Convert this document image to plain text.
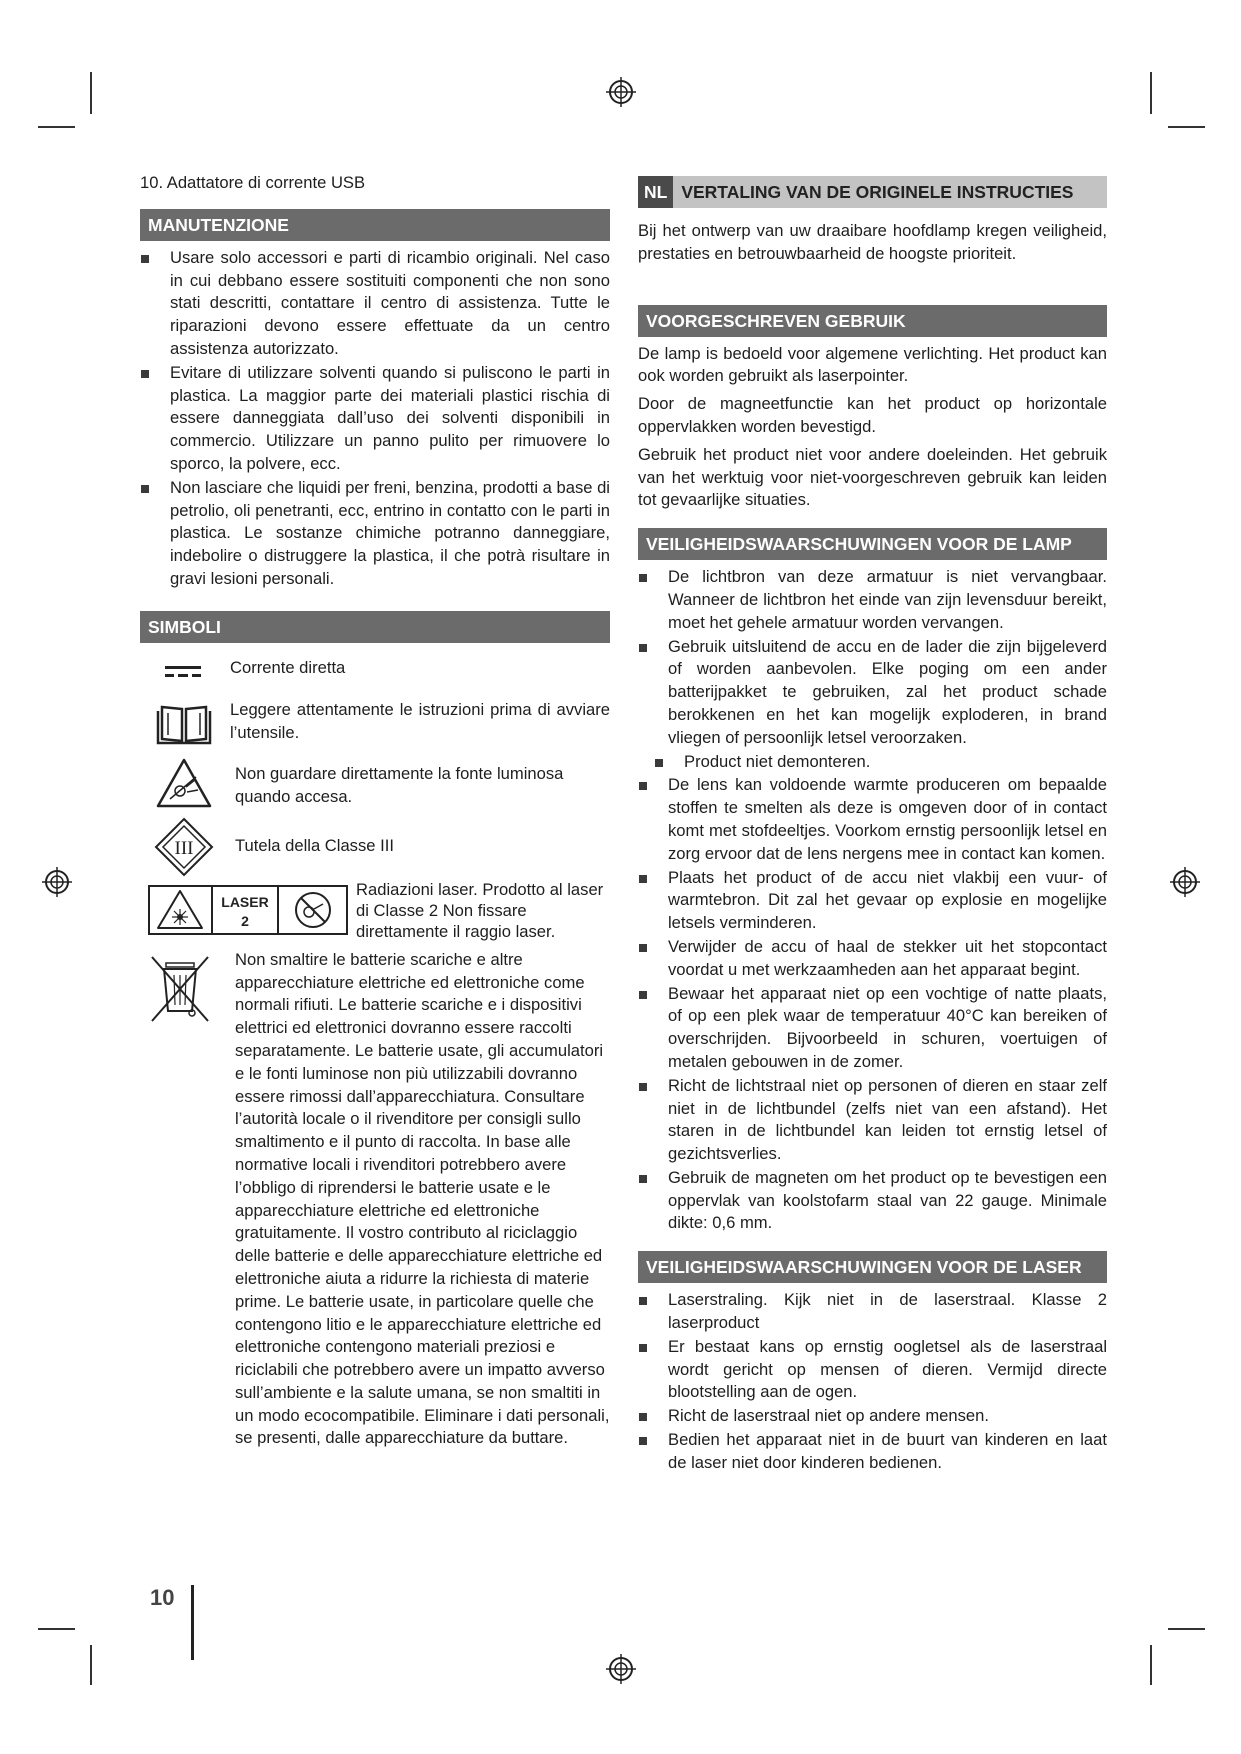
10. Adattatore di corrente USB
MANUTENZIONE
Usare solo accessori e parti di ricambio originali. Nel caso in cui debbano essere sostituiti componenti che non sono stati descritti, contattare il centro di assistenza. Tutte le riparazioni devono essere effettuate da un centro assistenza autorizzato.
Evitare di utilizzare solventi quando si puliscono le parti in plastica. La maggior parte dei materiali plastici rischia di essere danneggiata dall’uso dei solventi disponibili in commercio. Utilizzare un panno pulito per rimuovere lo sporco, la polvere, ecc.
Non lasciare che liquidi per freni, benzina, prodotti a base di petrolio, oli penetranti, ecc, entrino in contatto con le parti in plastica. Le sostanze chimiche potranno danneggiare, indebolire o distruggere la plastica, il che potrà risultare in gravi lesioni personali.
SIMBOLI
Corrente diretta
Leggere attentamente le istruzioni prima di avviare l’utensile.
Non guardare direttamente la fonte luminosa quando accesa.
III	Tutela della Classe III
LASER
2
Radiazioni laser. Prodotto al laser di Classe 2 Non fissare direttamente il raggio laser.
Non smaltire le batterie scariche e altre apparecchiature elettriche ed elettroniche come normali rifiuti. Le batterie scariche e i dispositivi elettrici ed elettronici dovranno essere raccolti separatamente. Le batterie usate, gli accumulatori e le fonti luminose non più utilizzabili dovranno essere rimossi dall’apparecchiatura. Consultare l’autorità locale o il rivenditore per consigli sullo smaltimento e il punto di raccolta. In base alle normative locali i rivenditori potrebbero avere l’obbligo di riprendersi le batterie usate e le apparecchiature elettriche ed elettroniche gratuitamente. Il vostro contributo al riciclaggio delle batterie e delle apparecchiature elettriche ed elettroniche aiuta a ridurre la richiesta di materie prime. Le batterie usate, in particolare quelle che contengono litio e le apparecchiature elettriche ed elettroniche contengono materiali preziosi e riciclabili che potrebbero avere un impatto avverso sull’ambiente e la salute umana, se non smaltiti in un modo ecocompatibile. Eliminare i dati personali, se presenti, dalle apparecchiature da buttare.
NL VERTALING VAN DE ORIGINELE INSTRUCTIES

Bij het ontwerp van uw draaibare hoofdlamp kregen veiligheid, prestaties en betrouwbaarheid de hoogste prioriteit.

VOORGESCHREVEN GEBRUIK

De lamp is bedoeld voor algemene verlichting. Het product kan ook worden gebruikt als laserpointer.

Door de magneetfunctie kan het product op horizontale oppervlakken worden bevestigd.

Gebruik het product niet voor andere doeleinden. Het gebruik van het werktuig voor niet-voorgeschreven gebruik kan leiden tot gevaarlijke situaties.

VEILIGHEIDSWAARSCHUWINGEN VOOR DE LAMP
De lichtbron van deze armatuur is niet vervangbaar. Wanneer de lichtbron het einde van zijn levensduur bereikt, moet het gehele armatuur worden vervangen.
Gebruik uitsluitend de accu en de lader die zijn bijgeleverd of worden aanbevolen. Elke poging om een ander batterijpakket te gebruiken, zal het product schade berokkenen en het kan mogelijk exploderen, in brand vliegen of persoonlijk letsel veroorzaken.
Product niet demonteren.
De lens kan voldoende warmte produceren om bepaalde stoffen te smelten als deze is omgeven door of in contact komt met stofdeeltjes. Voorkom ernstig persoonlijk letsel en zorg ervoor dat de lens nergens mee in contact kan komen.
Plaats het product of de accu niet vlakbij een vuur- of warmtebron. Dit zal het gevaar op explosie en mogelijke letsels verminderen.
Verwijder de accu of haal de stekker uit het stopcontact voordat u met werkzaamheden aan het apparaat begint.
Bewaar het apparaat niet op een vochtige of natte plaats, of op een plek waar de temperatuur 40°C kan bereiken of overschrijden. Bijvoorbeeld in schuren, voertuigen of metalen gebouwen in de zomer.
Richt de lichtstraal niet op personen of dieren en staar zelf niet in de lichtbundel (zelfs niet van een afstand). Het staren in de lichtbundel kan leiden tot ernstig letsel of gezichtsverlies.
Gebruik de magneten om het product op te bevestigen een oppervlak van koolstofarm staal van 22 gauge. Minimale dikte: 0,6 mm.
VEILIGHEIDSWAARSCHUWINGEN VOOR DE LASER
Laserstraling. Kijk niet in de laserstraal. Klasse 2 laserproduct
Er bestaat kans op ernstig oogletsel als de laserstraal wordt gericht op mensen of dieren. Vermijd directe blootstelling aan de ogen.
Richt de laserstraal niet op andere mensen.
Bedien het apparaat niet in de buurt van kinderen en laat de laser niet door kinderen bedienen.
10
